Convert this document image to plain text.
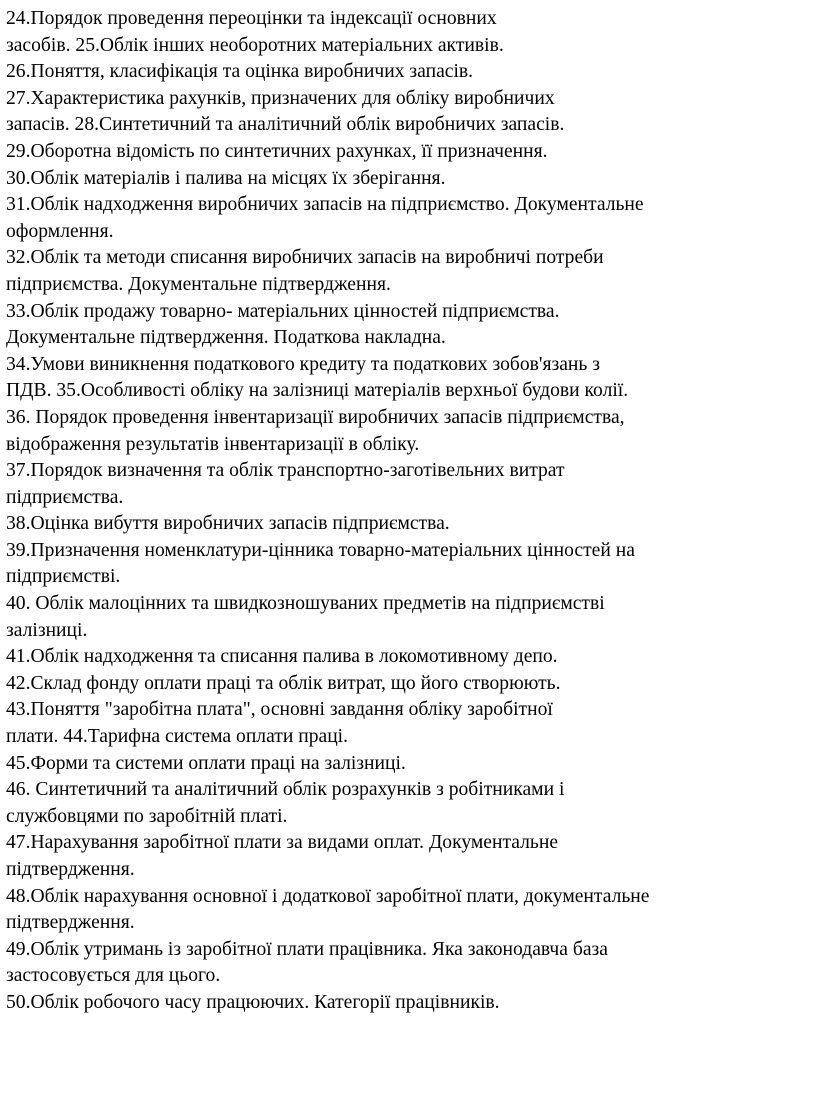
24.Порядок проведення переоцінки та індексації основних
засобів. 25.Облік інших необоротних матеріальних активів.
26.Поняття, класифікація та оцінка виробничих запасів.
27.Характеристика рахунків, призначених для обліку виробничих
запасів. 28.Синтетичний та аналітичний облік виробничих запасів.
29.Оборотна відомість по синтетичних рахунках, її призначення.
30.Облік матеріалів і палива на місцях їх зберігання.
31.Облік надходження виробничих запасів на підприємство. Документальне
оформлення.
32.Облік та методи списання виробничих запасів на виробничі потреби
підприємства. Документальне підтвердження.
33.Облік продажу товарно- матеріальних цінностей підприємства.
Документальне підтвердження. Податкова накладна.
34.Умови виникнення податкового кредиту та податкових зобов'язань з
ПДВ. 35.Особливості обліку на залізниці матеріалів верхньої будови колії.
36. Порядок проведення інвентаризації виробничих запасів підприємства,
відображення результатів інвентаризації в обліку.
37.Порядок визначення та облік транспортно-заготівельних витрат
підприємства.
38.Оцінка вибуття виробничих запасів підприємства.
39.Призначення номенклатури-цінника товарно-матеріальних цінностей на
підприємстві.
40. Облік малоцінних та швидкозношуваних предметів на підприємстві
залізниці.
41.Облік надходження та списання палива в локомотивному депо.
42.Склад фонду оплати праці та облік витрат, що його створюють.
43.Поняття "заробітна плата", основні завдання обліку заробітної
плати. 44.Тарифна система оплати праці.
45.Форми та системи оплати праці на залізниці.
46. Синтетичний та аналітичний облік розрахунків з робітниками і
службовцями по заробітній платі.
47.Нарахування заробітної плати за видами оплат. Документальне
підтвердження.
48.Облік нарахування основної і додаткової заробітної плати, документальне
підтвердження.
49.Облік утримань із заробітної плати працівника. Яка законодавча база
застосовується для цього.
50.Облік робочого часу працюючих. Категорії працівників.
